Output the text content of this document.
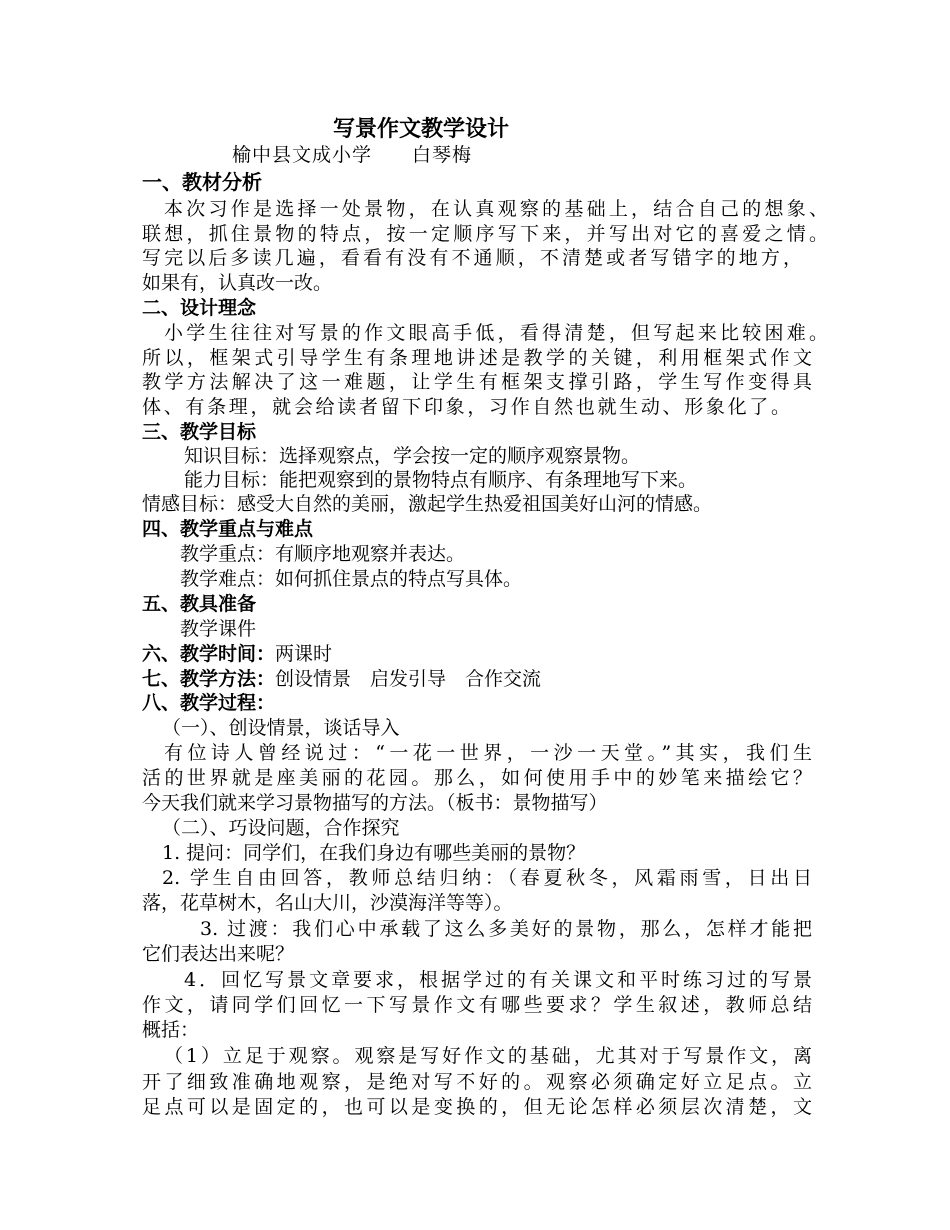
写景作文教学设计

榆中县文成小学　　白琴梅

一、教材分析

本次习作是选择一处景物，在认真观察的基础上，结合自己的想象、

联想，抓住景物的特点，按一定顺序写下来，并写出对它的喜爱之情。

写完以后多读几遍，看看有没有不通顺，不清楚或者写错字的地方，

如果有，认真改一改。

二、设计理念

小学生往往对写景的作文眼高手低，看得清楚，但写起来比较困难。

所以，框架式引导学生有条理地讲述是教学的关键，利用框架式作文

教学方法解决了这一难题，让学生有框架支撑引路，学生写作变得具

体、有条理，就会给读者留下印象，习作自然也就生动、形象化了。

三、教学目标

知识目标：选择观察点，学会按一定的顺序观察景物。

能力目标：能把观察到的景物特点有顺序、有条理地写下来。

情感目标：感受大自然的美丽，激起学生热爱祖国美好山河的情感。

四、教学重点与难点

教学重点：有顺序地观察并表达。

教学难点：如何抓住景点的特点写具体。

五、教具准备

教学课件

六、教学时间：两课时

七、教学方法：创设情景　启发引导　合作交流

八、教学过程：

（一）、创设情景，谈话导入

有位诗人曾经说过：“一花一世界，一沙一天堂。”其实，我们生

活的世界就是座美丽的花园。那么，如何使用手中的妙笔来描绘它？

今天我们就来学习景物描写的方法。（板书：景物描写）

（二）、巧设问题，合作探究

1. 提问：同学们，在我们身边有哪些美丽的景物？

2. 学生自由回答，教师总结归纳：（春夏秋冬，风霜雨雪，日出日

落，花草树木，名山大川，沙漠海洋等等）。

3. 过渡：我们心中承载了这么多美好的景物，那么，怎样才能把

它们表达出来呢？

4．回忆写景文章要求，根据学过的有关课文和平时练习过的写景

作文，请同学们回忆一下写景作文有哪些要求？学生叙述，教师总结

概括：

（1）立足于观察。观察是写好作文的基础，尤其对于写景作文，离

开了细致准确地观察，是绝对写不好的。观察必须确定好立足点。立

足点可以是固定的，也可以是变换的，但无论怎样必须层次清楚，文
